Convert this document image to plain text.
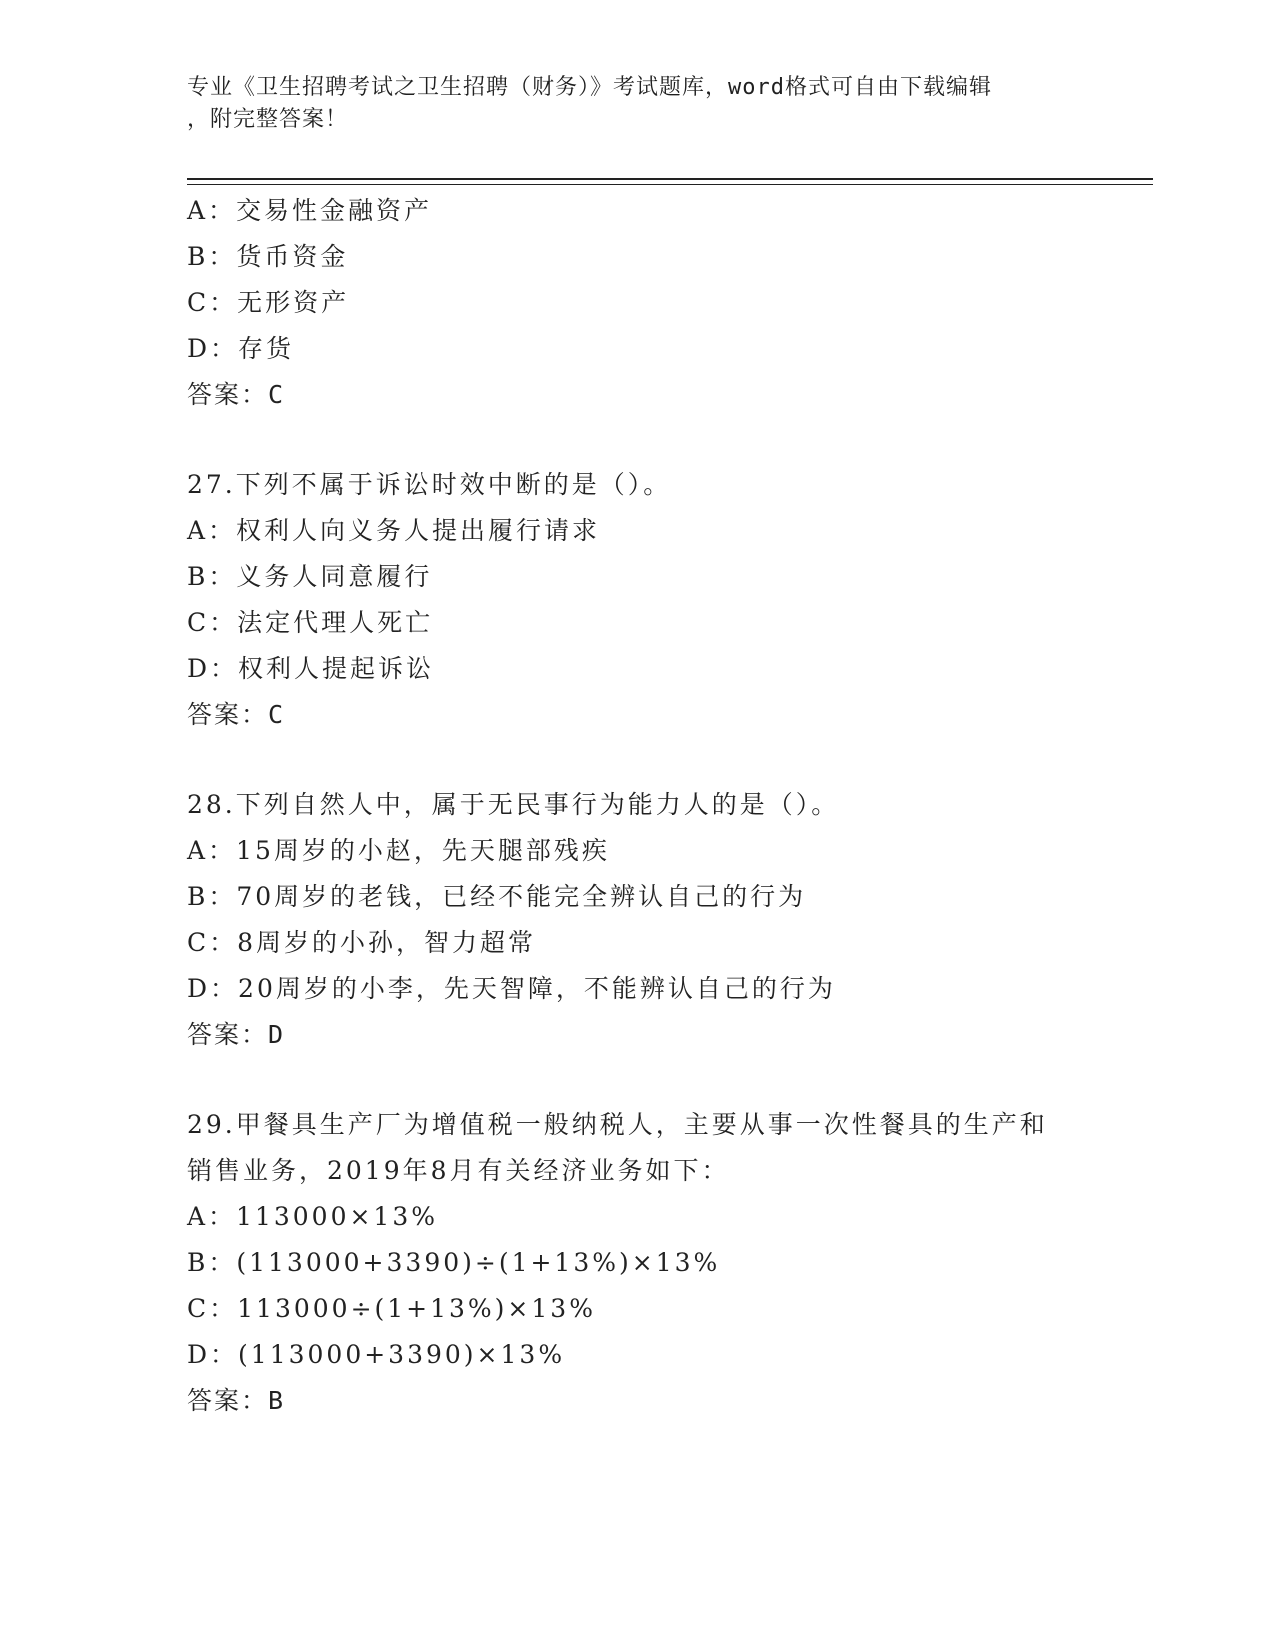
专业《卫生招聘考试之卫生招聘（财务）》考试题库，word格式可自由下载编辑
，附完整答案！
A：交易性金融资产
B：货币资金
C：无形资产
D：存货
答案：C
27.下列不属于诉讼时效中断的是（）。
A：权利人向义务人提出履行请求
B：义务人同意履行
C：法定代理人死亡
D：权利人提起诉讼
答案：C
28.下列自然人中，属于无民事行为能力人的是（）。
A：15周岁的小赵，先天腿部残疾
B：70周岁的老钱，已经不能完全辨认自己的行为
C：8周岁的小孙，智力超常
D：20周岁的小李，先天智障，不能辨认自己的行为
答案：D
29.甲餐具生产厂为增值税一般纳税人，主要从事一次性餐具的生产和
销售业务，2019年8月有关经济业务如下：
A：113000×13%
B：(113000+3390)÷(1+13%)×13%
C：113000÷(1+13%)×13%
D：(113000+3390)×13%
答案：B
